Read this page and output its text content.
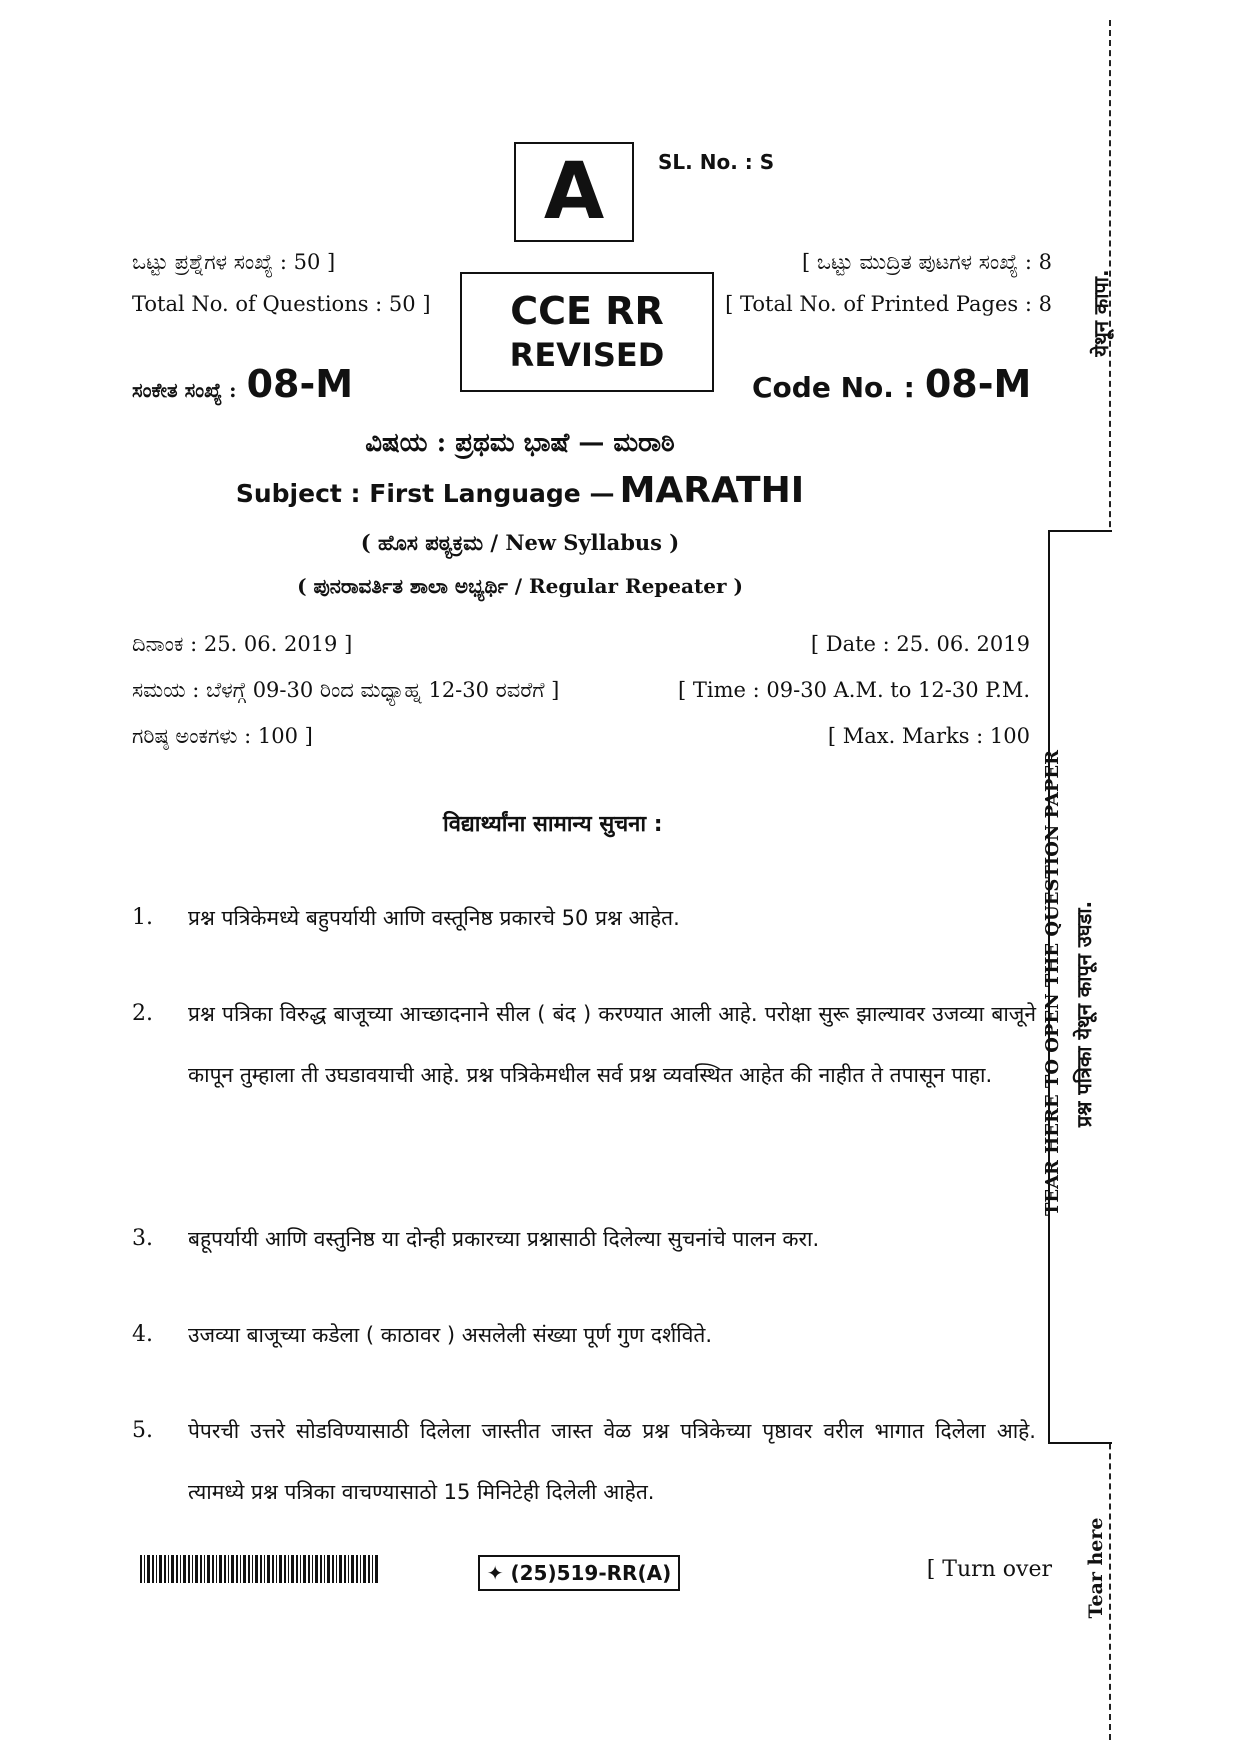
A	SL. No. : S
ಒಟ್ಟು ಪ್ರಶ್ನೆಗಳ ಸಂಖ್ಯೆ : 50 ]
Total No. of Questions : 50 ] CCE RR
REVISED
[ ಒಟ್ಟು ಮುದ್ರಿತ ಪುಟಗಳ ಸಂಖ್ಯೆ : 8
[ Total No. of Printed Pages : 8
ಸಂಕೇತ ಸಂಖ್ಯೆ : 08-M	Code No. : 08-M
ವಿಷಯ : ಪ್ರಥಮ ಭಾಷೆ — ಮರಾಠಿ
Subject : First Language — MARATHI
( ಹೊಸ ಪಠ್ಯಕ್ರಮ / New Syllabus )
( ಪುನರಾವರ್ತಿತ ಶಾಲಾ ಅಭ್ಯರ್ಥಿ / Regular Repeater )
ದಿನಾಂಕ : 25. 06. 2019 ]	[ Date : 25. 06. 2019
ಸಮಯ : ಬೆಳಗ್ಗೆ 09-30 ರಿಂದ ಮಧ್ಯಾಹ್ನ 12-30 ರವರೆಗೆ ]	[ Time : 09-30 A.M. to 12-30 P.M.
ಗರಿಷ್ಠ ಅಂಕಗಳು : 100 ]	[ Max. Marks : 100
विद्यार्थ्यांना सामान्य सुचना :
1. प्रश्न पत्रिकेमध्ये बहुपर्यायी आणि वस्तूनिष्ठ प्रकारचे 50 प्रश्न आहेत.
2. प्रश्न पत्रिका विरुद्ध बाजूच्या आच्छादनाने सील ( बंद ) करण्यात आली आहे. परोक्षा सुरू झाल्यावर उजव्या बाजूने कापून तुम्हाला ती उघडावयाची आहे. प्रश्न पत्रिकेमधील सर्व प्रश्न व्यवस्थित आहेत की नाहीत ते तपासून पाहा.
3. बहूपर्यायी आणि वस्तुनिष्ठ या दोन्ही प्रकारच्या प्रश्नासाठी दिलेल्या सुचनांचे पालन करा.
4. उजव्या बाजूच्या कडेला ( काठावर ) असलेली संख्या पूर्ण गुण दर्शविते.
5. पेपरची उत्तरे सोडविण्यासाठी दिलेला जास्तीत जास्त वेळ प्रश्न पत्रिकेच्या पृष्ठावर वरील भागात दिलेला आहे. त्यामध्ये प्रश्न पत्रिका वाचण्यासाठो 15 मिनिटेही दिलेली आहेत.
येथून कापा.
TEAR HERE TO OPEN THE QUESTION PAPER प्रश्न पत्रिका येथून कापून उघडा.
Tear here
✦ (25)519-RR(A)	[ Turn over
